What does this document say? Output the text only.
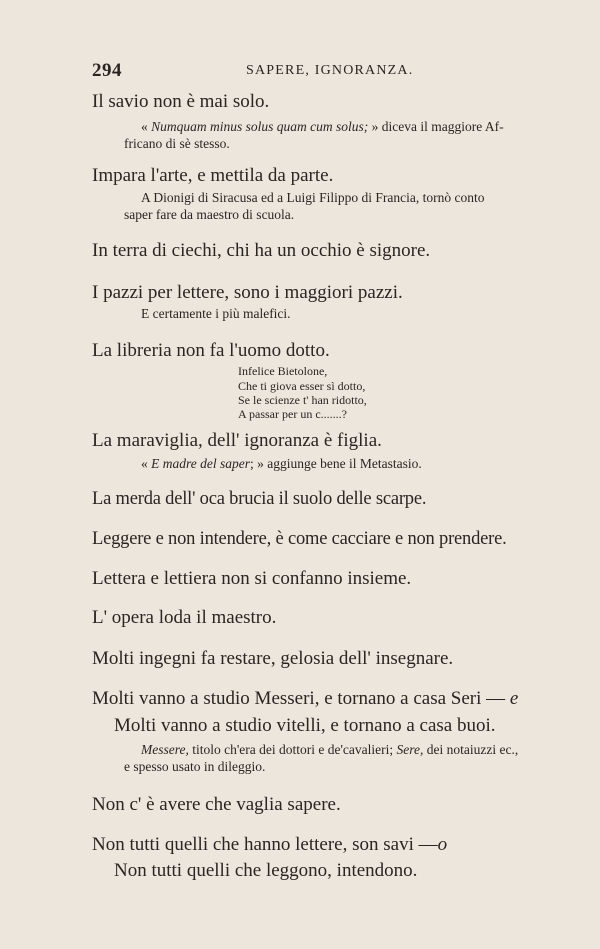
294	SAPERE, IGNORANZA.
Il savio non è mai solo.
« Numquam minus solus quam cum solus; » diceva il maggiore Af-
fricano di sè stesso.
Impara l'arte, e mettila da parte.
A Dionigi di Siracusa ed a Luigi Filippo di Francia, tornò conto
saper fare da maestro di scuola.
In terra di ciechi, chi ha un occhio è signore.
I pazzi per lettere, sono i maggiori pazzi.
E certamente i più malefici.
La libreria non fa l'uomo dotto.
Infelice Bietolone,
Che ti giova esser sì dotto,
Se le scienze t' han ridotto,
A passar per un c.......?
La maraviglia, dell' ignoranza è figlia.
« E madre del saper; » aggiunge bene il Metastasio.
La merda dell' oca brucia il suolo delle scarpe.
Leggere e non intendere, è come cacciare e non prendere.
Lettera e lettiera non si confanno insieme.
L' opera loda il maestro.
Molti ingegni fa restare, gelosia dell' insegnare.
Molti vanno a studio Messeri, e tornano a casa Seri — e
Molti vanno a studio vitelli, e tornano a casa buoi.
Messere, titolo ch'era dei dottori e de'cavalieri; Sere, dei notaiuzzi ec.,
e spesso usato in dileggio.
Non c' è avere che vaglia sapere.
Non tutti quelli che hanno lettere, son savi —o
Non tutti quelli che leggono, intendono.
